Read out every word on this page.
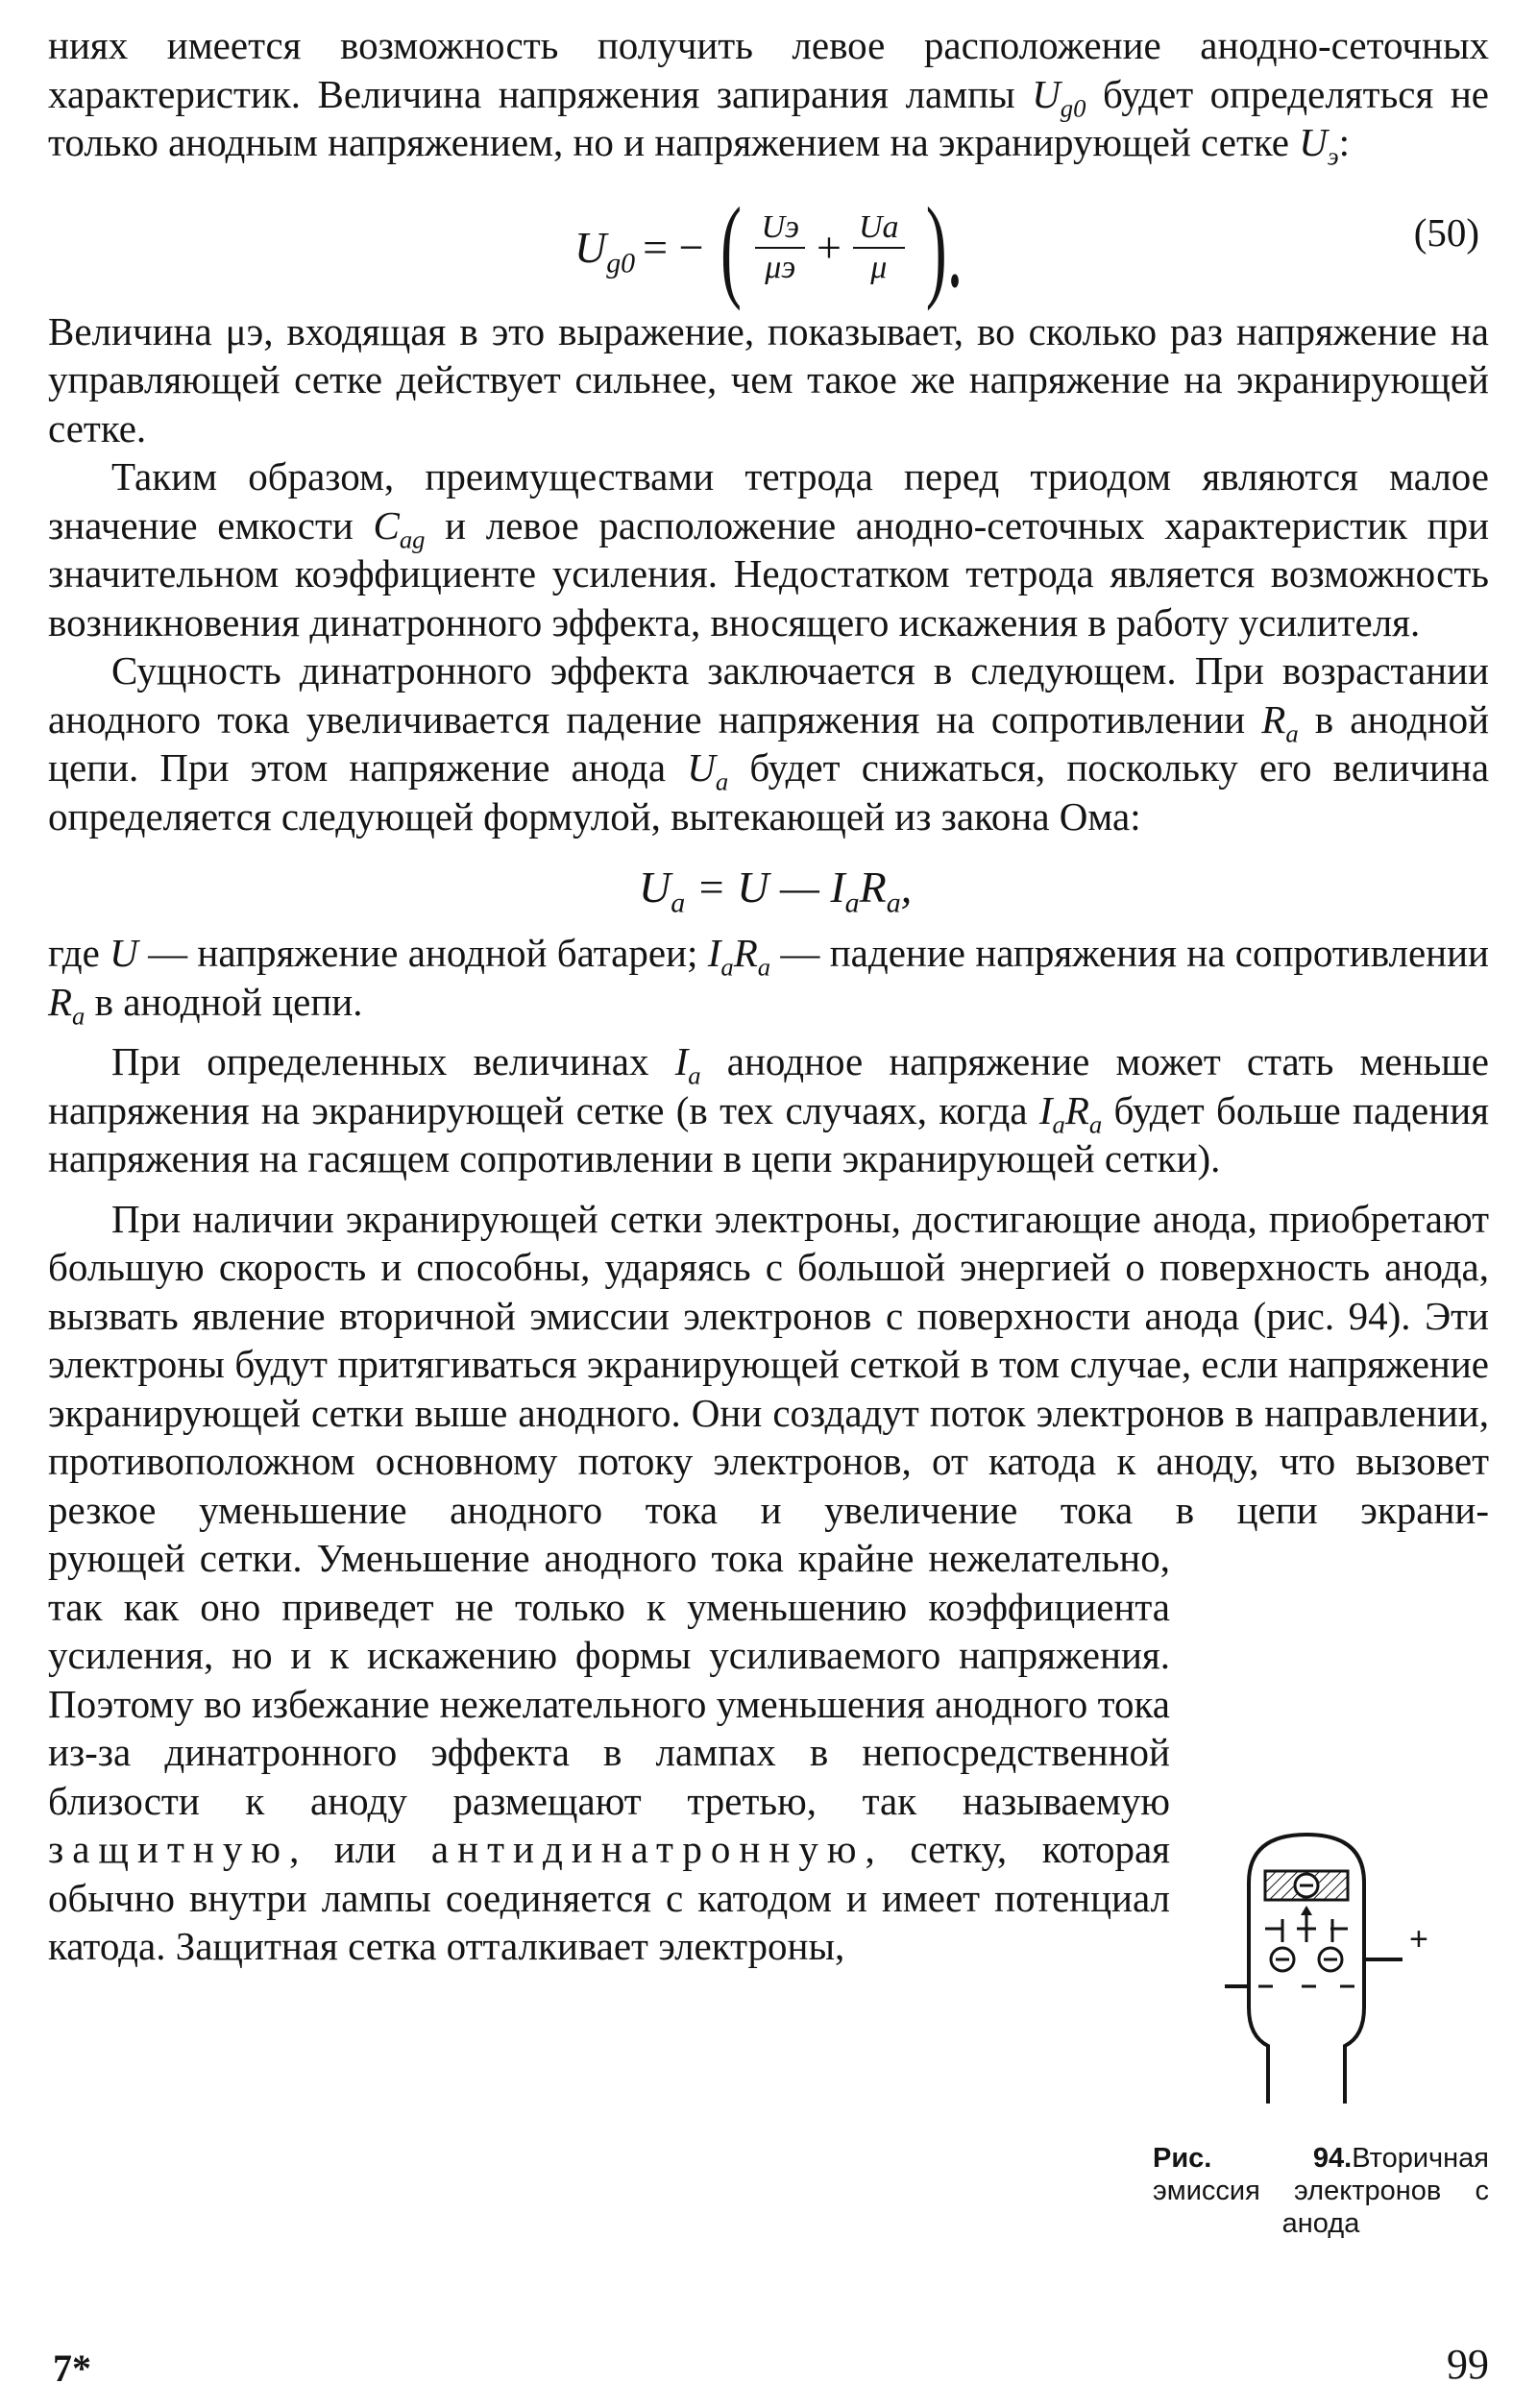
ниях имеется возможность получить левое расположение анодно-сеточных характеристик. Величина напряжения запирания лампы $U_{g0}$ будет определяться не только анодным напряжением, но и напряжением на экранирующей сетке $U_э$:

$U_{g0}$ = − ( $\frac{Uэ}{\mu э} + \frac{Ua}{\mu}$ ).	(50)

Величина μэ, входящая в это выражение, показывает, во сколько раз напряжение на управляющей сетке действует сильнее, чем такое же напряжение на экранирующей сетке.

Таким образом, преимуществами тетрода перед триодом являются малое значение емкости $C_{ag}$ и левое расположение анодно-сеточных характеристик при значительном коэффициенте усиления. Недостатком тетрода является возможность возникновения динатронного эффекта, вносящего искажения в работу усилителя.

Сущность динатронного эффекта заключается в следующем. При возрастании анодного тока увеличивается падение напряжения на сопротивлении $R_a$ в анодной цепи. При этом напряжение анода $U_a$ будет снижаться, поскольку его величина определяется следующей формулой, вытекающей из закона Ома:

$U_a = U$ — $I_aR_a$,

где U — напряжение анодной батареи; $I_aR_a$ — падение напряжения на сопротивлении $R_a$ в анодной цепи.

При определенных величинах $I_a$ анодное напряжение может стать меньше напряжения на экранирующей сетке (в тех случаях, когда $I_aR_a$ будет больше падения напряжения на гасящем сопротивлении в цепи экранирующей сетки).

При наличии экранирующей сетки электроны, достигающие анода, приобретают большую скорость и способны, ударяясь с большой энергией о поверхность анода, вызвать явление вторичной эмиссии электронов с поверхности анода (рис. 94). Эти электроны будут притягиваться экранирующей сеткой в том случае, если напряжение экранирующей сетки выше анодного. Они создадут поток электронов в направлении, противоположном основному потоку электронов, от катода к аноду, что вызовет резкое уменьшение анодного тока и увеличение тока в цепи экрани-

рующей сетки. Уменьшение анодного тока крайне нежелательно, так как оно приведет не только к уменьшению коэффициента усиления, но и к искажению формы усиливаемого напряжения. Поэтому во избежание нежелательного уменьшения анодного тока из-за динатронного эффекта в лампах в непосредственной близости к аноду размещают третью, так называемую защитную, или антидинатронную, сетку, которая обычно внутри лампы соединяется с катодом и имеет потенциал катода. Защитная сетка отталкивает электроны,	+
Рис. 94.Вторичная эмиссия электронов с
анода
7*	99
